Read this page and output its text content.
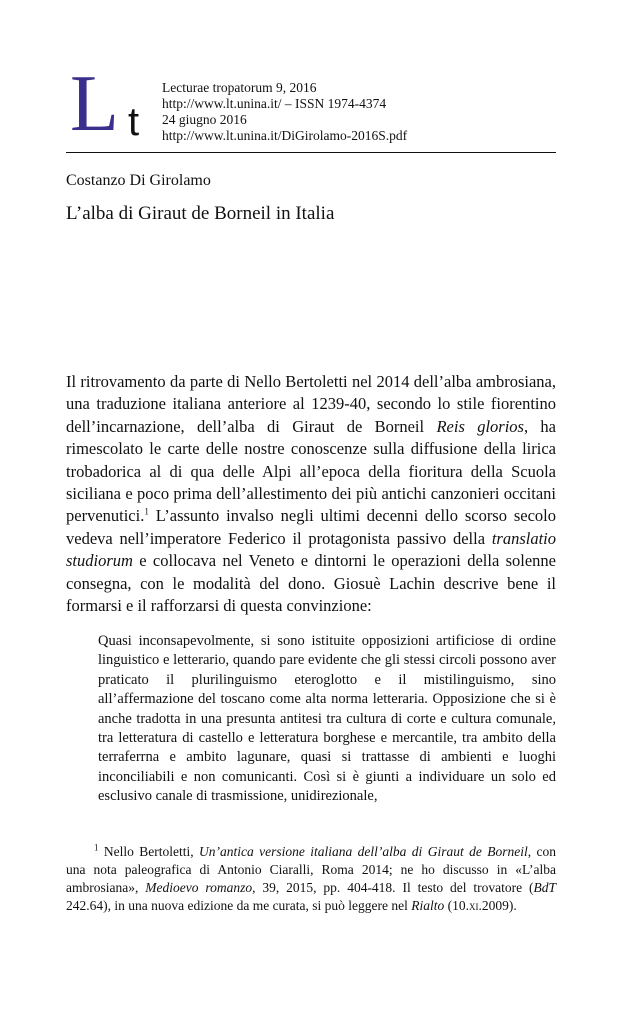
L t
Lecturae tropatorum 9, 2016
http://www.lt.unina.it/ – ISSN 1974-4374
24 giugno 2016
http://www.lt.unina.it/DiGirolamo-2016S.pdf
Costanzo Di Girolamo
L’alba di Giraut de Borneil in Italia

Il ritrovamento da parte di Nello Bertoletti nel 2014 dell’alba ambrosiana, una traduzione italiana anteriore al 1239-40, secondo lo stile fiorentino dell’incarnazione, dell’alba di Giraut de Borneil Reis glorios, ha rimescolato le carte delle nostre conoscenze sulla diffusione della lirica trobadorica al di qua delle Alpi all’epoca della fioritura della Scuola siciliana e poco prima dell’allestimento dei più antichi canzonieri occitani pervenutici.$^1$ L’assunto invalso negli ultimi decenni dello scorso secolo vedeva nell’imperatore Federico il protagonista passivo della translatio studiorum e collocava nel Veneto e dintorni le operazioni della solenne consegna, con le modalità del dono. Giosuè Lachin descrive bene il formarsi e il rafforzarsi di questa convinzione:

Quasi inconsapevolmente, si sono istituite opposizioni artificiose di ordine linguistico e letterario, quando pare evidente che gli stessi circoli possono aver praticato il plurilinguismo eteroglotto e il mistilinguismo, sino all’affermazione del toscano come alta norma letteraria. Opposizione che si è anche tradotta in una presunta antitesi tra cultura di corte e cultura comunale, tra letteratura di castello e letteratura borghese e mercantile, tra ambito della terraferrna e ambito lagunare, quasi si trattasse di ambienti e luoghi inconciliabili e non comunicanti. Così si è giunti a individuare un solo ed esclusivo canale di trasmissione, unidirezionale,

$^1$ Nello Bertoletti, Un’antica versione italiana dell’alba di Giraut de Borneil, con una nota paleografica di Antonio Ciaralli, Roma 2014; ne ho discusso in «L’alba ambrosiana», Medioevo romanzo, 39, 2015, pp. 404-418. Il testo del trovatore (BdT 242.64), in una nuova edizione da me curata, si può leggere nel Rialto (10.xi.2009).
